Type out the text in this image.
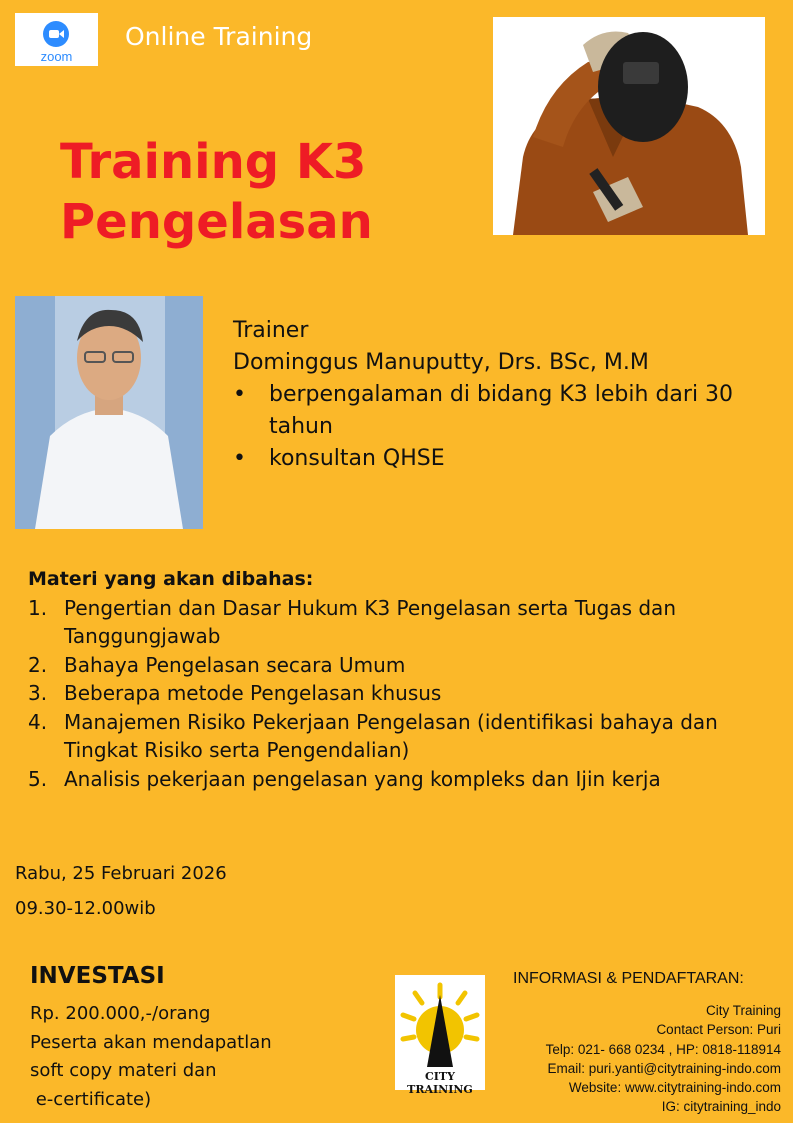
zoom
Online Training
Training K3
Pengelasan
Trainer
Dominggus Manuputty, Drs. BSc, M.M
• berpengalaman di bidang K3 lebih dari 30 tahun
• konsultan QHSE
Materi yang akan dibahas:
1. Pengertian dan Dasar Hukum K3 Pengelasan serta Tugas dan Tanggungjawab
2. Bahaya Pengelasan secara Umum
3. Beberapa metode Pengelasan khusus
4. Manajemen Risiko Pekerjaan Pengelasan (identifikasi bahaya dan Tingkat Risiko serta Pengendalian)
5. Analisis pekerjaan pengelasan yang kompleks dan Ijin kerja
Rabu, 25 Februari 2026
09.30-12.00wib
INVESTASI
Rp. 200.000,-/orang
Peserta akan mendapatlan
soft copy materi dan
e-certificate)
CITY TRAINING
INFORMASI & PENDAFTARAN:
City Training
Contact Person: Puri
Telp: 021- 668 0234 , HP: 0818-118914
Email: puri.yanti@citytraining-indo.com
Website: www.citytraining-indo.com
IG: citytraining_indo
